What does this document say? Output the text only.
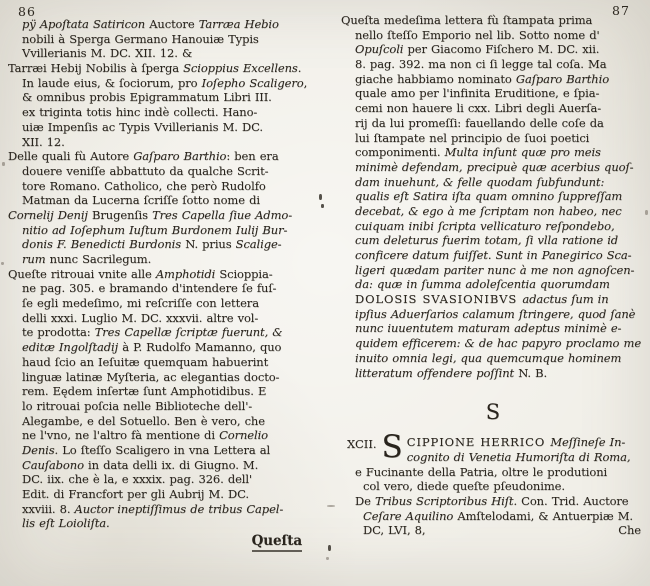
86	87
pÿ Apoſtata Satiricon Auctore Tarræa Hebio
nobili à Sperga Germano Hanouiæ Typis
Vvillerianis M. DC. XII. 12. &
Tarræi Hebij Nobilis à ſperga Scioppius Excellens.
In laude eius, & ſociorum, pro Ioſepho Scaligero,
& omnibus probis Epigrammatum Libri III.
ex triginta totis hinc indè collecti. Hano-
uiæ Impenſis ac Typis Vvillerianis M. DC.
XII. 12.
Delle quali fù Autore Gaſparo Barthio: ben era
douere veniſſe abbattuto da qualche Scrit-
tore Romano. Catholico, che però Rudolfo
Matman da Lucerna ſcriſſe ſotto nome di
Cornelij Denij Brugenſis Tres Capella ſiue Admo-
nitio ad Ioſephum Iuſtum Burdonem Iulij Bur-
donis F. Benedicti Burdonis N. prius Scalige-
rum nunc Sacrilegum.
Queſte ritrouai vnite alle Amphotidi Scioppia-
ne pag. 305. e bramando d'intendere ſe fuſ-
ſe egli medeſimo, mi reſcriſſe con lettera
delli xxxi. Luglio M. DC. xxxvii. altre vol-
te prodotta: Tres Capellæ ſcriptæ fuerunt, &
editæ Ingolſtadij à P. Rudolfo Mamanno, quo
haud ſcio an Ieſuitæ quemquam habuerint
linguæ latinæ Myſteria, ac elegantias docto-
rem. Eędem inſertæ ſunt Amphotidibus. E
lo ritrouai poſcia nelle Biblioteche dell'-
Alegambe, e del Sotuello. Ben è vero, che
ne l'vno, ne l'altro fà mentione di Cornelio
Denis. Lo ſteſſo Scaligero in vna Lettera al
Cauſabono in data delli ix. di Giugno. M.
DC. iix. che è la, e xxxix. pag. 326. dell'
Edit. di Francfort per gli Aubrij M. DC.
xxviii. 8. Auctor ineptiſſimus de tribus Capel-
lis eſt Loioliſta.
Queſta
Queſta medeſima lettera fù ſtampata prima
nello ſteſſo Emporio nel lib. Sotto nome d'
Opuſcoli per Giacomo Fiſchero M. DC. xii.
8. pag. 392. ma non ci ſi legge tal coſa. Ma
giache habbiamo nominato Gaſparo Barthio
quale amo per l'infinita Eruditione, e ſpia-
cemi non hauere li cxx. Libri degli Auerſa-
rij da lui promeſſi: fauellando delle coſe da
lui ſtampate nel principio de ſuoi poetici
componimenti. Multa inſunt quæ pro meis
minimè defendam, precipuè quæ acerbius quoſ-
dam inuehunt, & felle quodam ſubfundunt:
qualis eſt Satira iſta quam omnino ſuppreſſam
decebat, & ego à me ſcriptam non habeo, nec
cuiquam inibi ſcripta vellicaturo reſpondebo,
cum deleturus fuerim totam, ſi vlla ratione id
conficere datum fuiſſet. Sunt in Panegirico Sca-
ligeri quædam pariter nunc à me non agnoſcen-
da: quæ in ſumma adoleſcentia quorumdam
DOLOSIS SVASIONIBVS adactus ſum in
ipſius Aduerſarios calamum ſtringere, quod ſanè
nunc iuuentutem maturam adeptus minimè e-
quidem efficerem: & de hac papyro proclamo me
inuito omnia legi, qua quemcumque hominem
litteratum offendere poſſint N. B.
S
XCII. S CIPPIONE HERRICO Meſſineſe In-
cognito di Venetia Humoriſta di Roma,
e Fucinante della Patria, oltre le produtioni
col vero, diede queſte pſeudonime.
De Tribus Scriptoribus Hiſt. Con. Trid. Auctore
Ceſare Aquilino Amſtelodami, & Antuerpiæ M.
DC, LVI, 8,	Che
